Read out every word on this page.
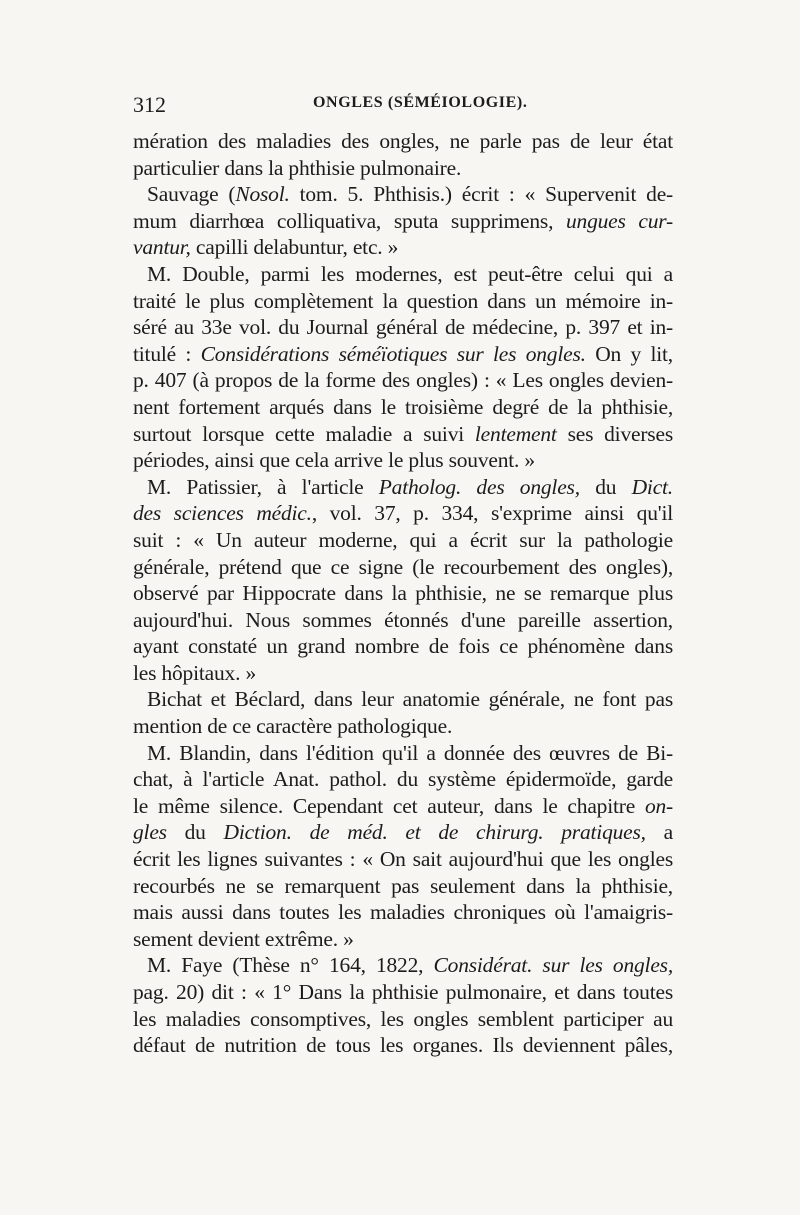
312	ONGLES (SÉMÉIOLOGIE).
mération des maladies des ongles, ne parle pas de leur état
particulier dans la phthisie pulmonaire.
Sauvage (Nosol. tom. 5. Phthisis.) écrit : « Supervenit de-
mum diarrhœa colliquativa, sputa supprimens, ungues cur-
vantur, capilli delabuntur, etc. »
M. Double, parmi les modernes, est peut-être celui qui a
traité le plus complètement la question dans un mémoire in-
séré au 33e vol. du Journal général de médecine, p. 397 et in-
titulé : Considérations séméïotiques sur les ongles. On y lit,
p. 407 (à propos de la forme des ongles) : « Les ongles devien-
nent fortement arqués dans le troisième degré de la phthisie,
surtout lorsque cette maladie a suivi lentement ses diverses
périodes, ainsi que cela arrive le plus souvent. »
M. Patissier, à l'article Patholog. des ongles, du Dict.
des sciences médic., vol. 37, p. 334, s'exprime ainsi qu'il
suit : « Un auteur moderne, qui a écrit sur la pathologie
générale, prétend que ce signe (le recourbement des ongles),
observé par Hippocrate dans la phthisie, ne se remarque plus
aujourd'hui. Nous sommes étonnés d'une pareille assertion,
ayant constaté un grand nombre de fois ce phénomène dans
les hôpitaux. »
Bichat et Béclard, dans leur anatomie générale, ne font pas
mention de ce caractère pathologique.
M. Blandin, dans l'édition qu'il a donnée des œuvres de Bi-
chat, à l'article Anat. pathol. du système épidermoïde, garde
le même silence. Cependant cet auteur, dans le chapitre on-
gles du Diction. de méd. et de chirurg. pratiques, a
écrit les lignes suivantes : « On sait aujourd'hui que les ongles
recourbés ne se remarquent pas seulement dans la phthisie,
mais aussi dans toutes les maladies chroniques où l'amaigris-
sement devient extrême. »
M. Faye (Thèse n° 164, 1822, Considérat. sur les ongles,
pag. 20) dit : « 1° Dans la phthisie pulmonaire, et dans toutes
les maladies consomptives, les ongles semblent participer au
défaut de nutrition de tous les organes. Ils deviennent pâles,
